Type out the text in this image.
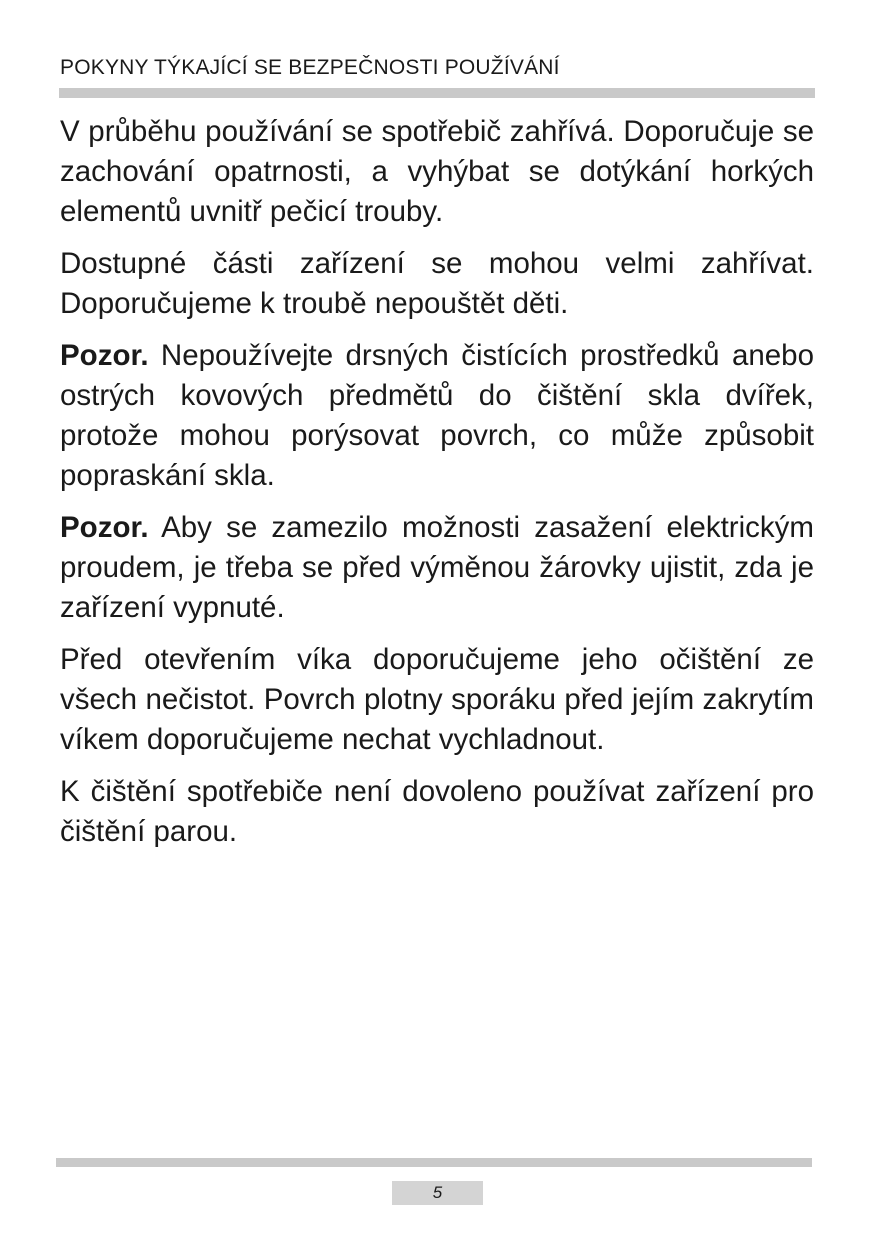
POKYNY TÝKAJÍCÍ SE BEZPEČNOSTI POUŽÍVÁNÍ

V průběhu používání se spotřebič zahřívá. Doporučuje se zachování opatrnosti, a vyhýbat se dotýkání horkých elementů uvnitř pečicí trouby.

Dostupné části zařízení se mohou velmi zahřívat. Doporučujeme k troubě nepouštět děti.

Pozor. Nepoužívejte drsných čistících prostředků anebo ostrých kovových předmětů do čištění skla dvířek, protože mohou porýsovat povrch, co může způsobit popraskání skla.

Pozor. Aby se zamezilo možnosti zasažení elektrickým proudem, je třeba se před výměnou žárovky ujistit, zda je zařízení vypnuté.

Před otevřením víka doporučujeme jeho očištění ze všech nečistot. Povrch plotny sporáku před jejím zakrytím víkem doporučujeme nechat vychladnout.

K čištění spotřebiče není dovoleno používat zařízení pro čištění parou.

5
